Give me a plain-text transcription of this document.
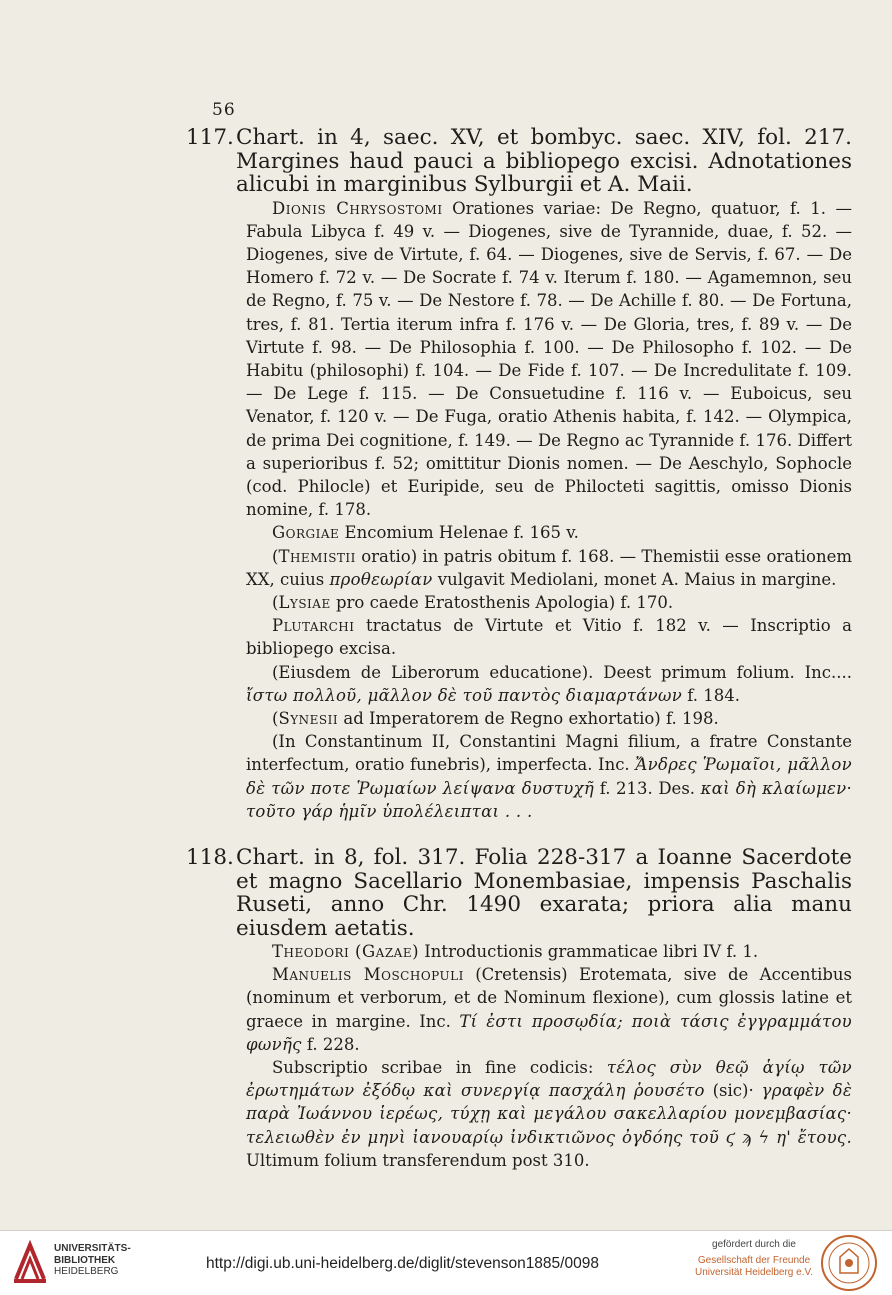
56
117. Chart. in 4, saec. XV, et bombyc. saec. XIV, fol. 217. Margines haud pauci a bibliopego excisi. Adnotationes alicubi in marginibus Sylburgii et A. Maii.

Dionis Chrysostomi Orationes variae: De Regno, quatuor, f. 1. — Fabula Libyca f. 49 v. — Diogenes, sive de Tyrannide, duae, f. 52. — Diogenes, sive de Virtute, f. 64. — Diogenes, sive de Servis, f. 67. — De Homero f. 72 v. — De Socrate f. 74 v. Iterum f. 180. — Agamemnon, seu de Regno, f. 75 v. — De Nestore f. 78. — De Achille f. 80. — De Fortuna, tres, f. 81. Tertia iterum infra f. 176 v. — De Gloria, tres, f. 89 v. — De Virtute f. 98. — De Philosophia f. 100. — De Philosopho f. 102. — De Habitu (philosophi) f. 104. — De Fide f. 107. — De Incredulitate f. 109. — De Lege f. 115. — De Consuetudine f. 116 v. — Euboicus, seu Venator, f. 120 v. — De Fuga, oratio Athenis habita, f. 142. — Olympica, de prima Dei cognitione, f. 149. — De Regno ac Tyrannide f. 176. Differt a superioribus f. 52; omittitur Dionis nomen. — De Aeschylo, Sophocle (cod. Philocle) et Euripide, seu de Philocteti sagittis, omisso Dionis nomine, f. 178.

Gorgiae Encomium Helenae f. 165 v.

(Themistii oratio) in patris obitum f. 168. — Themistii esse orationem XX, cuius προθεωρίαν vulgavit Mediolani, monet A. Maius in margine.

(Lysiae pro caede Eratosthenis Apologia) f. 170.

Plutarchi tractatus de Virtute et Vitio f. 182 v. — Inscriptio a bibliopego excisa.

(Eiusdem de Liberorum educatione). Deest primum folium. Inc.... ἴστω πολλοῦ, μᾶλλον δὲ τοῦ παντὸς διαμαρτάνων f. 184.

(Synesii ad Imperatorem de Regno exhortatio) f. 198.

(In Constantinum II, Constantini Magni filium, a fratre Constante interfectum, oratio funebris), imperfecta. Inc. Ἄνδρες Ῥωμαῖοι, μᾶλλον δὲ τῶν ποτε Ῥωμαίων λείψανα δυστυχῆ f. 213. Des. καὶ δὴ κλαίωμεν· τοῦτο γάρ ἡμῖν ὑπολέλειπται . . .

118. Chart. in 8, fol. 317. Folia 228-317 a Ioanne Sacerdote et magno Sacellario Monembasiae, impensis Paschalis Ruseti, anno Chr. 1490 exarata; priora alia manu eiusdem aetatis.

Theodori (Gazae) Introductionis grammaticae libri IV f. 1.

Manuelis Moschopuli (Cretensis) Erotemata, sive de Accentibus (nominum et verborum, et de Nominum flexione), cum glossis latine et graece in margine. Inc. Τί ἐστι προσῳδία; ποιὰ τάσις ἐγγραμμάτου φωνῆς f. 228.

Subscriptio scribae in fine codicis: τέλος σὺν θεῷ ἁγίῳ τῶν ἐρωτημάτων ἐξόδῳ καὶ συνεργίᾳ πασχάλη ῥουσέτο (sic)· γραφὲν δὲ παρὰ Ἰωάννου ἱερέως, τύχῃ καὶ μεγάλου σακελλαρίου μονεμβασίας· τελειωθὲν ἐν μηνὶ ἰανουαρίῳ ἰνδικτιῶνος ὀγδόης τοῦ ϛ ϡ ϟ η' ἔτους. Ultimum folium transferendum post 310.

UNIVERSITÄTS-
BIBLIOTHEK
HEIDELBERG	http://digi.ub.uni-heidelberg.de/diglit/stevenson1885/0098
gefördert durch die
Gesellschaft der Freunde
Universität Heidelberg e.V.
